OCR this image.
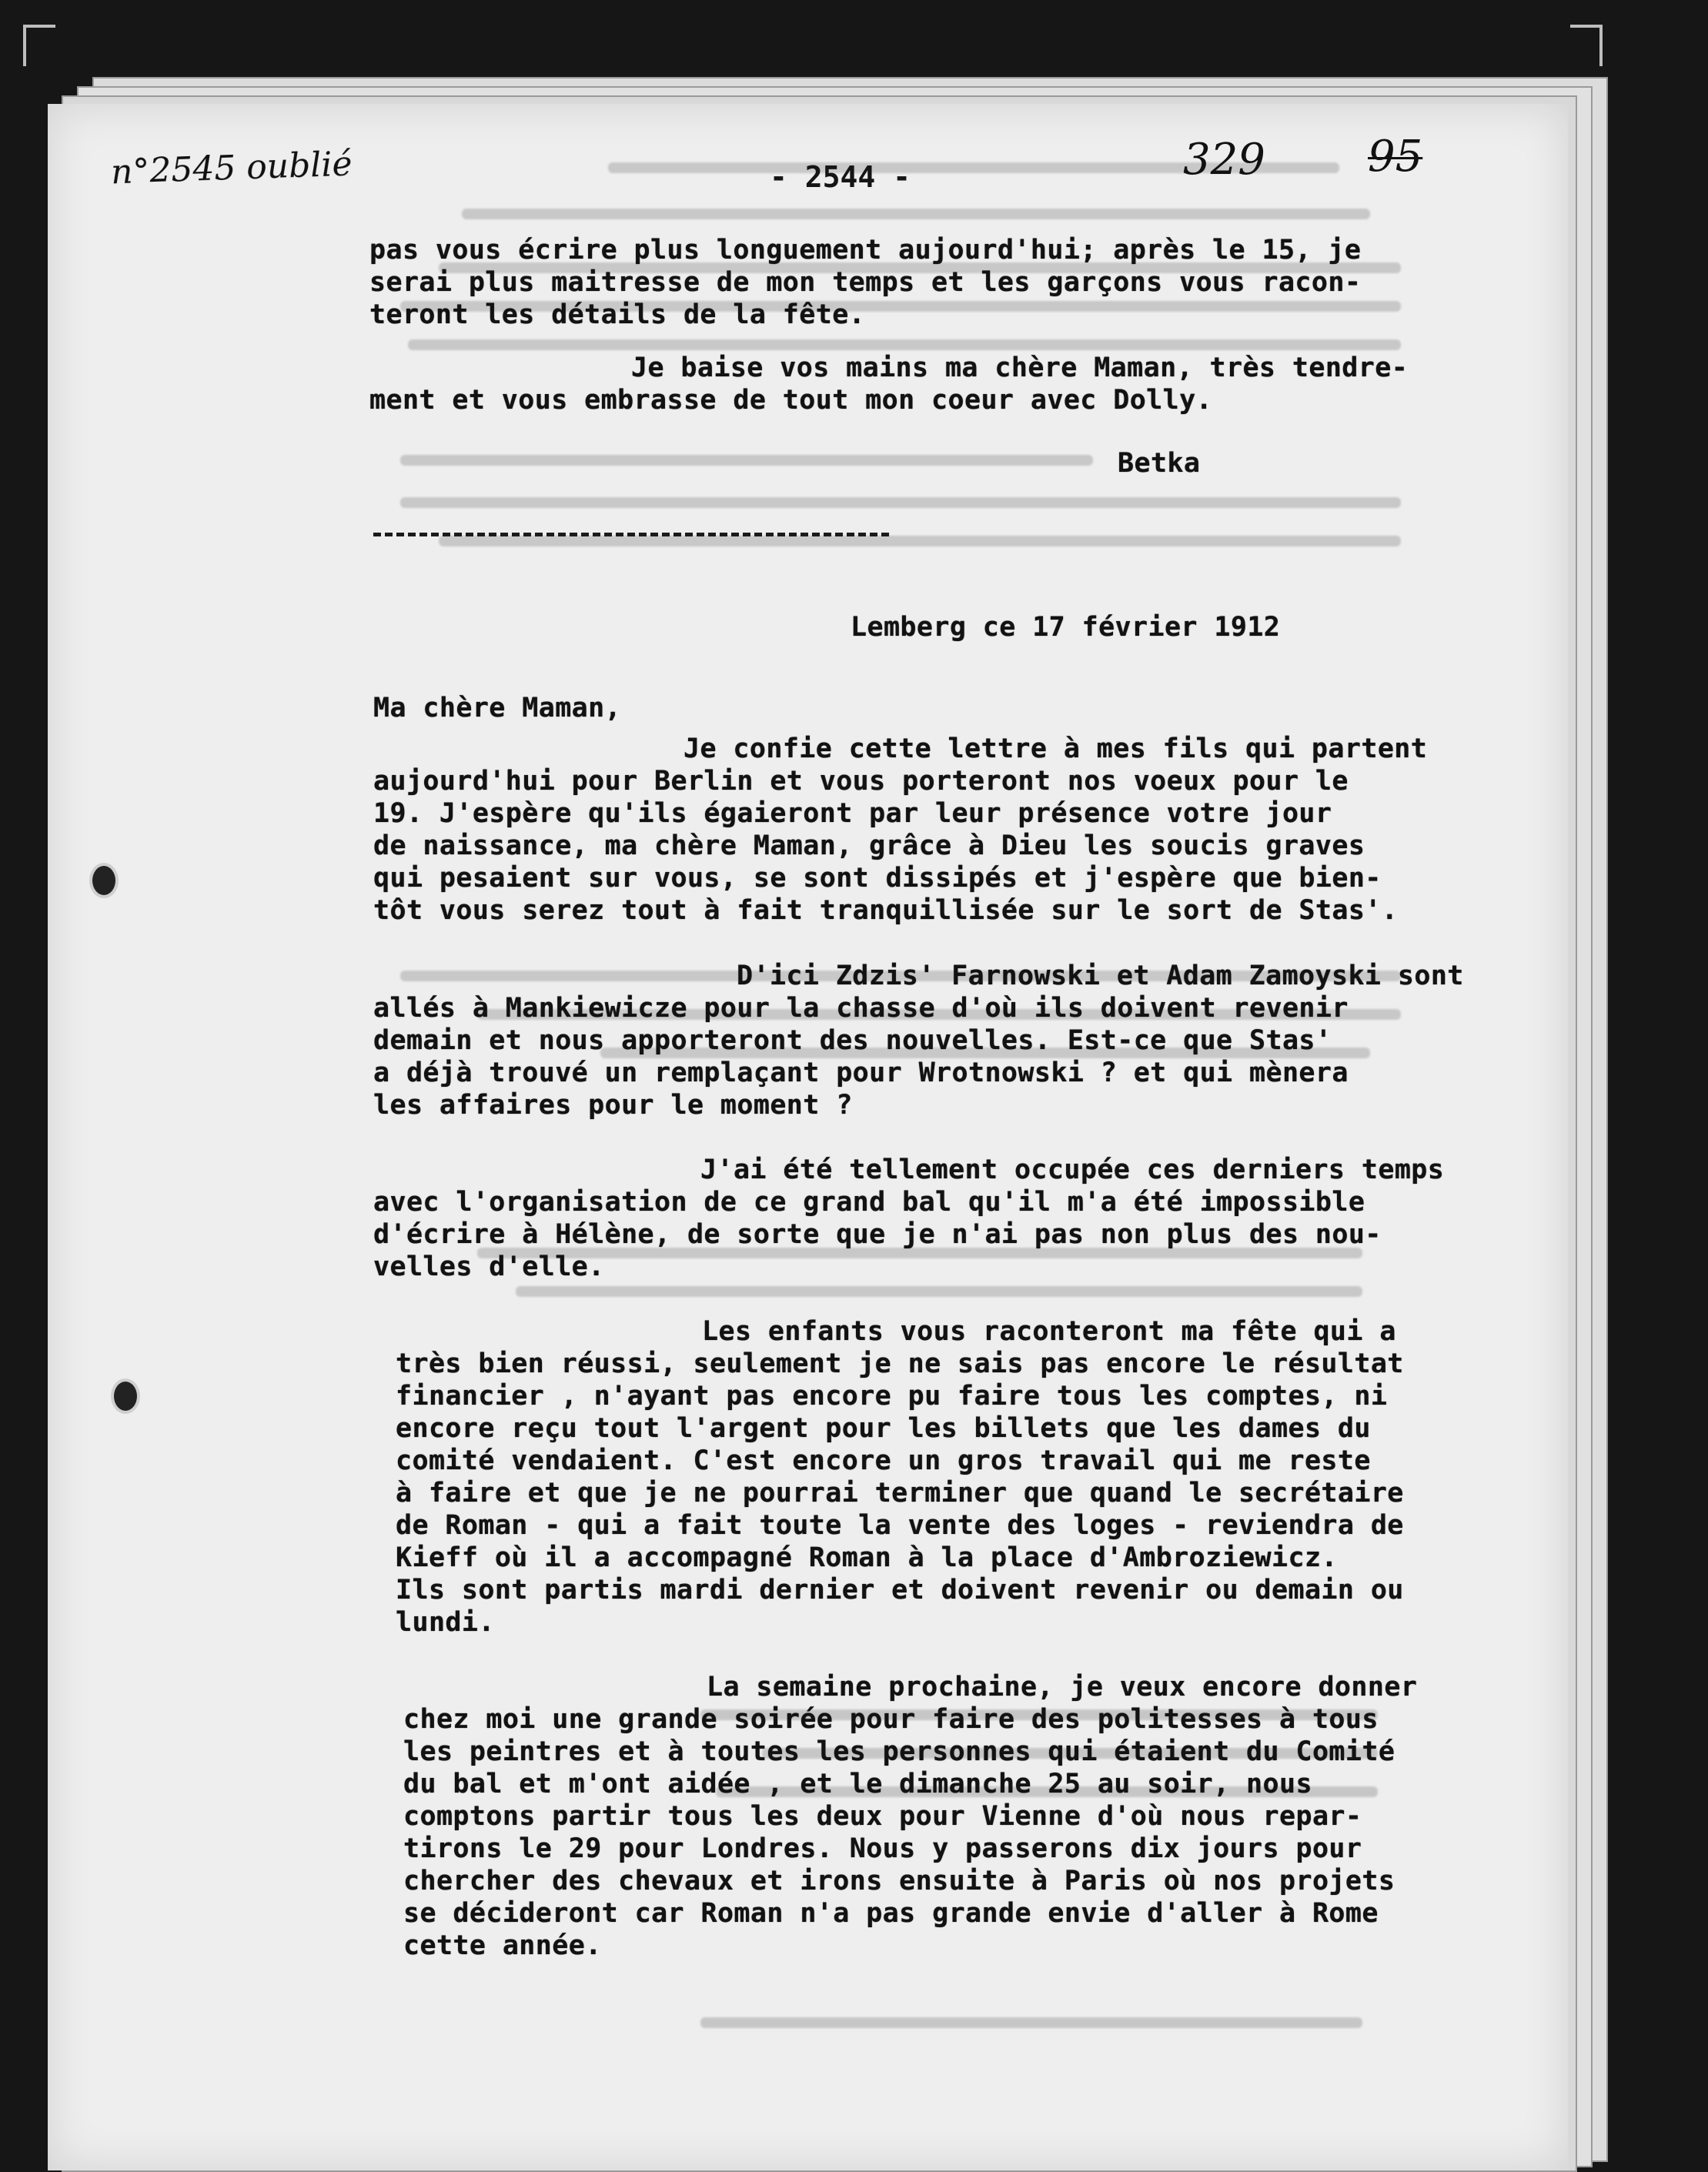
n°2545 oublié	329 95
- 2544 -
pas vous écrire plus longuement aujourd'hui; après le 15, je
serai plus maitresse de mon temps et les garçons vous racon-
teront les détails de la fête.
Je baise vos mains ma chère Maman, très tendre-
ment et vous embrasse de tout mon coeur avec Dolly.
Betka
Lemberg ce 17 février 1912
Ma chère Maman,
Je confie cette lettre à mes fils qui partent
aujourd'hui pour Berlin et vous porteront nos voeux pour le
19. J'espère qu'ils égaieront par leur présence votre jour
de naissance, ma chère Maman, grâce à Dieu les soucis graves
qui pesaient sur vous, se sont dissipés et j'espère que bien-
tôt vous serez tout à fait tranquillisée sur le sort de Stas'.
D'ici Zdzis' Farnowski et Adam Zamoyski sont
allés à Mankiewicze pour la chasse d'où ils doivent revenir
demain et nous apporteront des nouvelles. Est-ce que Stas'
a déjà trouvé un remplaçant pour Wrotnowski ? et qui mènera
les affaires pour le moment ?
J'ai été tellement occupée ces derniers temps
avec l'organisation de ce grand bal qu'il m'a été impossible
d'écrire à Hélène, de sorte que je n'ai pas non plus des nou-
velles d'elle.
Les enfants vous raconteront ma fête qui a
très bien réussi, seulement je ne sais pas encore le résultat
financier , n'ayant pas encore pu faire tous les comptes, ni
encore reçu tout l'argent pour les billets que les dames du
comité vendaient. C'est encore un gros travail qui me reste
à faire et que je ne pourrai terminer que quand le secrétaire
de Roman - qui a fait toute la vente des loges - reviendra de
Kieff où il a accompagné Roman à la place d'Ambroziewicz.
Ils sont partis mardi dernier et doivent revenir ou demain ou
lundi.
La semaine prochaine, je veux encore donner
chez moi une grande soirée pour faire des politesses à tous
les peintres et à toutes les personnes qui étaient du Comité
du bal et m'ont aidée , et le dimanche 25 au soir, nous
comptons partir tous les deux pour Vienne d'où nous repar-
tirons le 29 pour Londres. Nous y passerons dix jours pour
chercher des chevaux et irons ensuite à Paris où nos projets
se décideront car Roman n'a pas grande envie d'aller à Rome
cette année.
